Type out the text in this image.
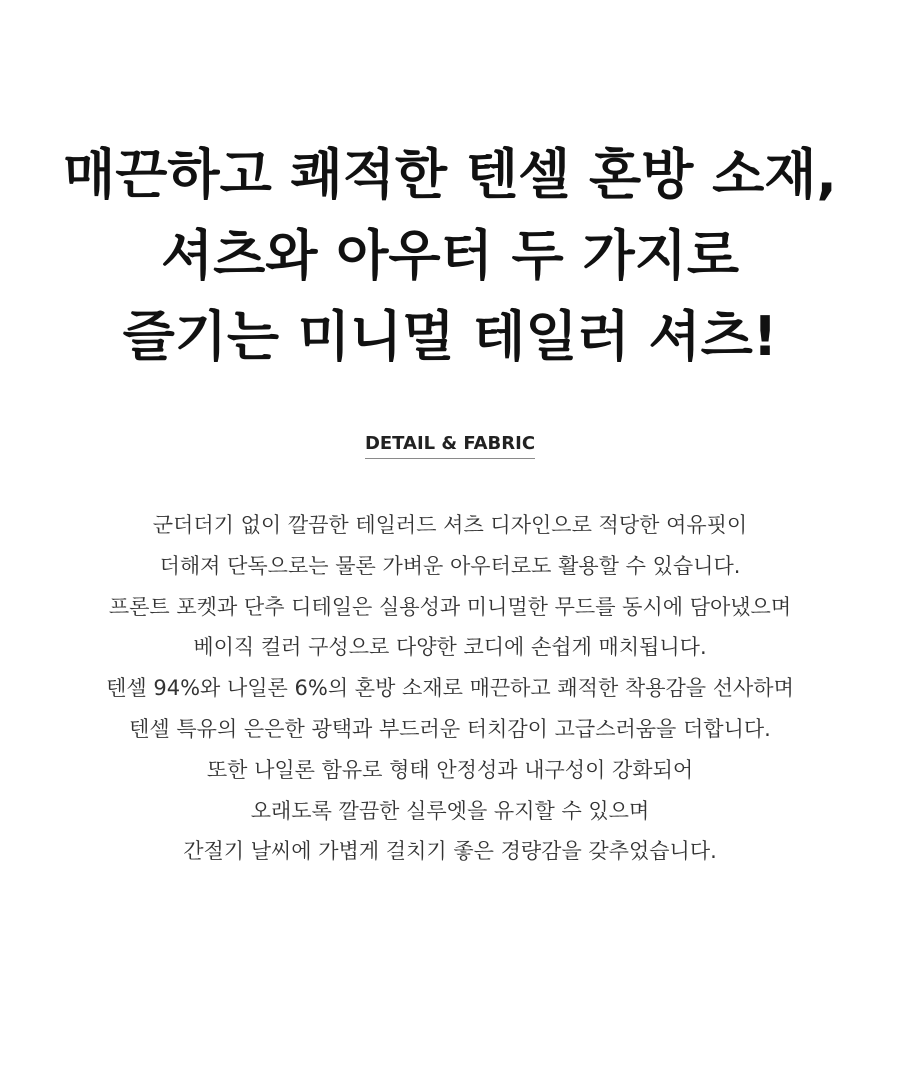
매끈하고 쾌적한 텐셀 혼방 소재,
셔츠와 아우터 두 가지로
즐기는 미니멀 테일러 셔츠!
DETAIL & FABRIC
군더더기 없이 깔끔한 테일러드 셔츠 디자인으로 적당한 여유핏이
더해져 단독으로는 물론 가벼운 아우터로도 활용할 수 있습니다.
프론트 포켓과 단추 디테일은 실용성과 미니멀한 무드를 동시에 담아냈으며
베이직 컬러 구성으로 다양한 코디에 손쉽게 매치됩니다.
텐셀 94%와 나일론 6%의 혼방 소재로 매끈하고 쾌적한 착용감을 선사하며
텐셀 특유의 은은한 광택과 부드러운 터치감이 고급스러움을 더합니다.
또한 나일론 함유로 형태 안정성과 내구성이 강화되어
오래도록 깔끔한 실루엣을 유지할 수 있으며
간절기 날씨에 가볍게 걸치기 좋은 경량감을 갖추었습니다.
